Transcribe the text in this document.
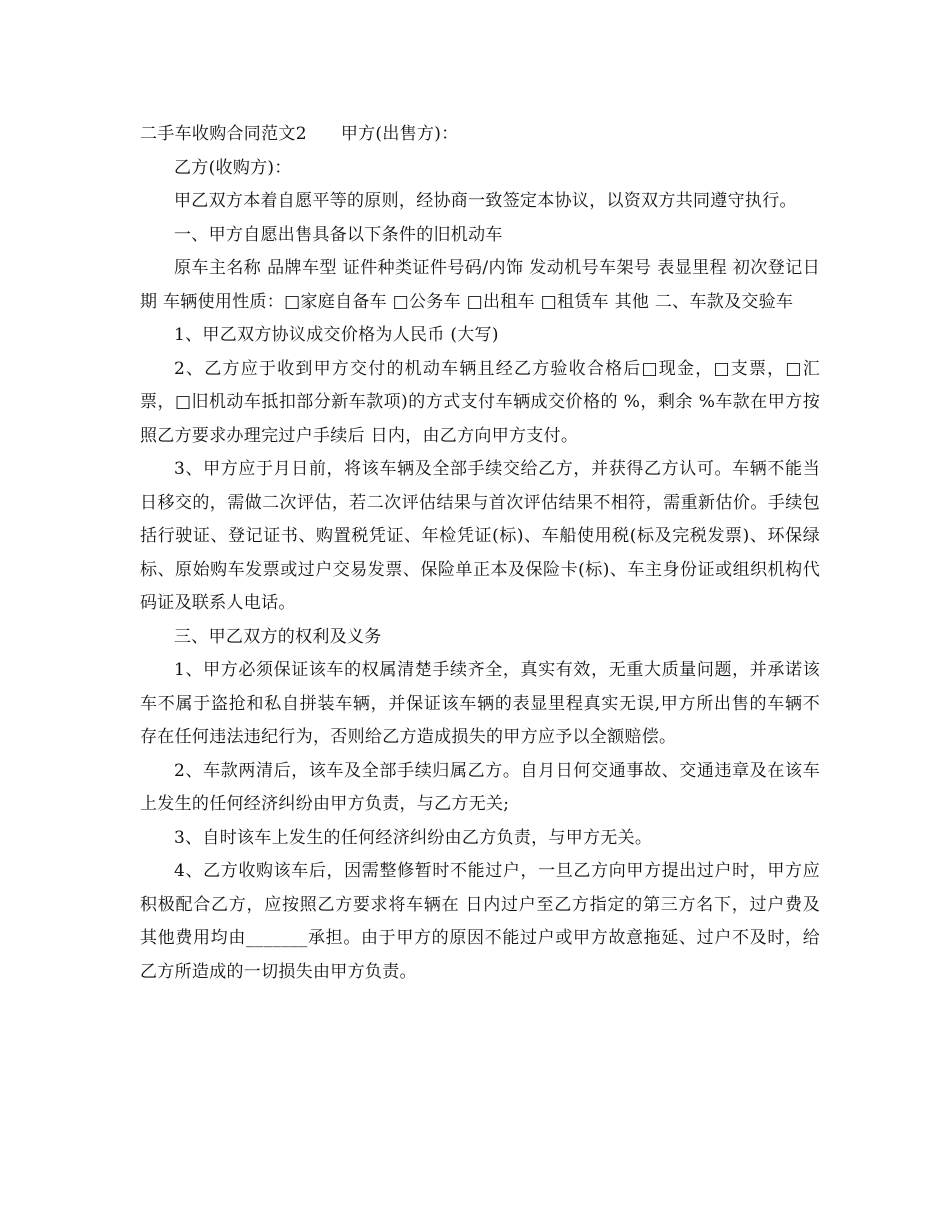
二手车收购合同范文2 甲方(出售方)：

乙方(收购方)：

甲乙双方本着自愿平等的原则，经协商一致签定本协议，以资双方共同遵守执行。

一、甲方自愿出售具备以下条件的旧机动车

原车主名称 品牌车型 证件种类证件号码/内饰 发动机号车架号 表显里程 初次登记日期 车辆使用性质：□家庭自备车 □公务车 □出租车 □租赁车 其他 二、车款及交验车

1、甲乙双方协议成交价格为人民币 (大写)

2、乙方应于收到甲方交付的机动车辆且经乙方验收合格后□现金，□支票，□汇票，□旧机动车抵扣部分新车款项)的方式支付车辆成交价格的 %，剩余 %车款在甲方按照乙方要求办理完过户手续后 日内，由乙方向甲方支付。

3、甲方应于月日前，将该车辆及全部手续交给乙方，并获得乙方认可。车辆不能当日移交的，需做二次评估，若二次评估结果与首次评估结果不相符，需重新估价。手续包括行驶证、登记证书、购置税凭证、年检凭证(标)、车船使用税(标及完税发票)、环保绿标、原始购车发票或过户交易发票、保险单正本及保险卡(标)、车主身份证或组织机构代码证及联系人电话。

三、甲乙双方的权利及义务

1、甲方必须保证该车的权属清楚手续齐全，真实有效，无重大质量问题，并承诺该车不属于盗抢和私自拼装车辆，并保证该车辆的表显里程真实无误,甲方所出售的车辆不存在任何违法违纪行为，否则给乙方造成损失的甲方应予以全额赔偿。

2、车款两清后，该车及全部手续归属乙方。自月日何交通事故、交通违章及在该车上发生的任何经济纠纷由甲方负责，与乙方无关;

3、自时该车上发生的任何经济纠纷由乙方负责，与甲方无关。

4、乙方收购该车后，因需整修暂时不能过户，一旦乙方向甲方提出过户时，甲方应积极配合乙方，应按照乙方要求将车辆在 日内过户至乙方指定的第三方名下，过户费及其他费用均由_______承担。由于甲方的原因不能过户或甲方故意拖延、过户不及时，给乙方所造成的一切损失由甲方负责。
